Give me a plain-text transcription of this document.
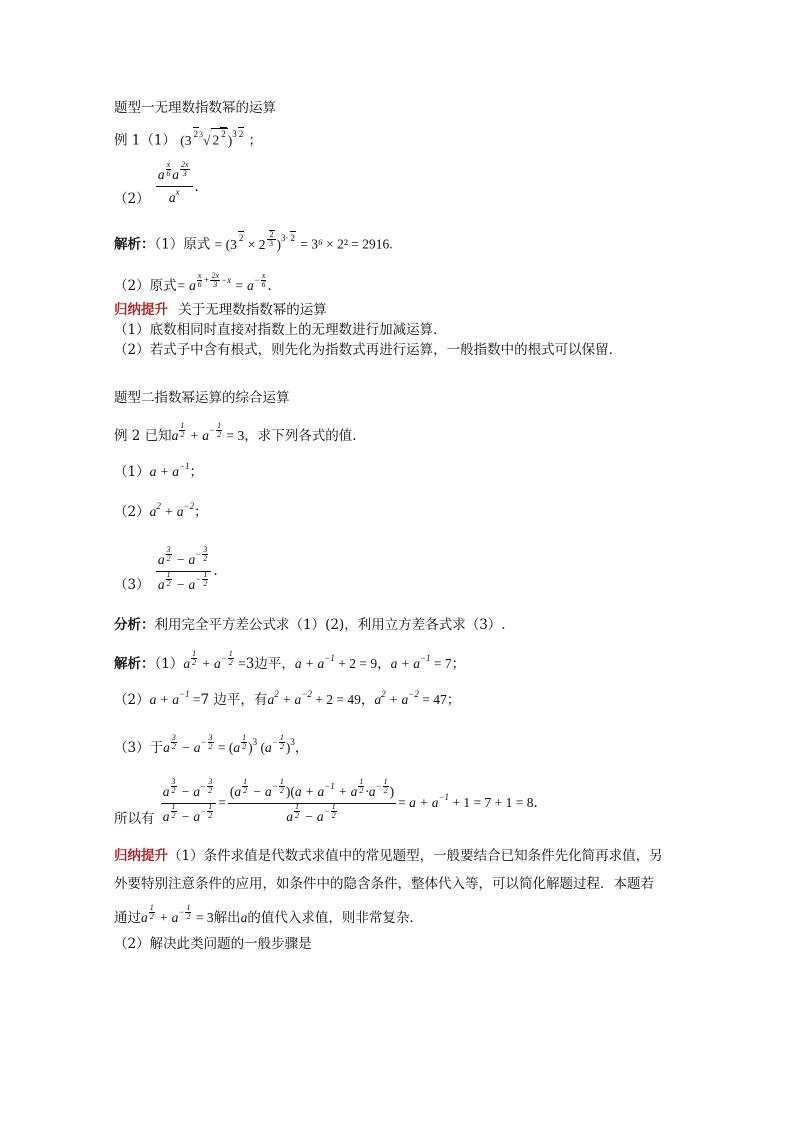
题型一无理数指数幂的运算
例 1（1） (3 $^{23}$√ 2 $^2$ )$^{3 2}$ ；
（2） a $^{\frac{x}{6}}$ a $^{\frac{2x}{3}}$
$a^x$ .
解析：（1）原式 = (3 $^2$ × 2 $^{\frac{2}{3}}$ )$^{3\cdot 2}$ = 3⁶ × 2² = 2916.
（2）原式= a $^{\frac{x}{6} + \frac{2x}{3} -x} = a^{- \frac{x}{6}}$ .
归纳提升 关于无理数指数幂的运算
（1）底数相同时直接对指数上的无理数进行加减运算．
（2）若式子中含有根式，则先化为指数式再进行运算，一般指数中的根式可以保留．
题型二指数幂运算的综合运算
例 2 已知a $^{\frac{1}{2}} + a^{- \frac{1}{2}} = 3$，求下列各式的值.
$(1)a + a^{-1}$；
$(2)a^2 + a^{-2}$；
（3） a $^{\frac{3}{2}} - a^{- \frac{3}{2}}$
a $^{\frac{1}{2}} - a^{- \frac{1}{2}}$ .
分析：利用完全平方差公式求（1）(2)，利用立方差各式求（3）.
解析：（1）a $^{\frac{1}{2}} + a^{- \frac{1}{2}} =3$边平，$a + a^{-1} + 2 = 9$，$a + a^{-1} = 7$；
$(2)a + a^{-1} =7$ 边平，有$a^2 + a^{-2} + 2 = 49$，$a^2 + a^{-2} = 47$；
（3）于a $^{\frac{3}{2}} - a^{- \frac{3}{2}} = (a$ $^{\frac{1}{2}}$ )$^3$ ($a^{- \frac{1}{2}}$ )$^3$，
所以有 a $^{\frac{3}{2}} - a^{- \frac{3}{2}}$
a $^{\frac{1}{2}} - a^{- \frac{1}{2}} = (a$ $^{\frac{1}{2}} - a^{- \frac{1}{2}}$ )($a + a^{-1} + a$ $^{\frac{1}{2}} \cdot a^{- \frac{1}{2}}$ )
a $^{\frac{1}{2}} - a^{- \frac{1}{2}} = a + a^{-1} + 1 = 7 + 1 = 8$.
归纳提升（1）条件求值是代数式求值中的常见题型，一般要结合已知条件先化简再求值，另
外要特别注意条件的应用，如条件中的隐含条件，整体代入等，可以简化解题过程．本题若
通过a $^{\frac{1}{2}} + a^{- \frac{1}{2}} = 3$解出a的值代入求值，则非常复杂．
（2）解决此类问题的一般步骤是
